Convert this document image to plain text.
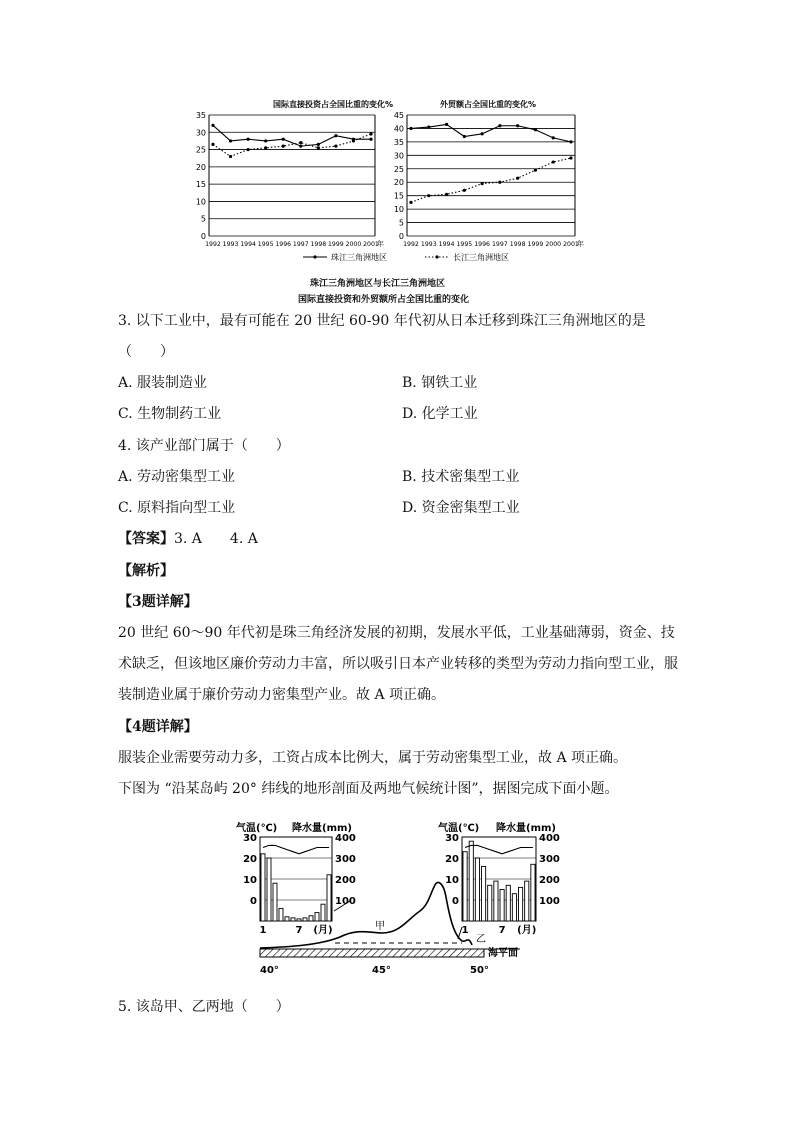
国际直接投资占全国比重的变化%
0
5
10
15
20
25
30
35
1992 1993 1994 1995 1996 1997 1998 1999 2000 2001
年
外贸额占全国比重的变化%
0
5
10
15
20
25
30
35
40
45
1992 1993 1994 1995 1996 1997 1998 1999 2000 2001
年
珠江三角洲地区	长江三角洲地区
珠江三角洲地区与长江三角洲地区
国际直接投资和外贸额所占全国比重的变化
3. 以下工业中，最有可能在 20 世纪 60-90 年代初从日本迁移到珠江三角洲地区的是
（　　）
A. 服装制造业	B. 钢铁工业
C. 生物制药工业	D. 化学工业
4. 该产业部门属于（　　）
A. 劳动密集型工业	B. 技术密集型工业
C. 原料指向型工业	D. 资金密集型工业
【答案】3. A　　4. A
【解析】
【3题详解】
20 世纪 60～90 年代初是珠三角经济发展的初期，发展水平低，工业基础薄弱，资金、技术缺乏，但该地区廉价劳动力丰富，所以吸引日本产业转移的类型为劳动力指向型工业，服装制造业属于廉价劳动力密集型产业。故 A 项正确。
【4题详解】
服装企业需要劳动力多，工资占成本比例大，属于劳动密集型工业，故 A 项正确。
下图为 “沿某岛屿 20° 纬线的地形剖面及两地气候统计图”，据图完成下面小题。
0
10
20
30
100
200
300
400
气温(℃) 降水量(mm)
1	7 (月)
0
10
20
30
100
200
300
400
气温(℃) 降水量(mm)
1	7 (月)
甲
乙
海平面
40°	45°	50°
5. 该岛甲、乙两地（　　）
